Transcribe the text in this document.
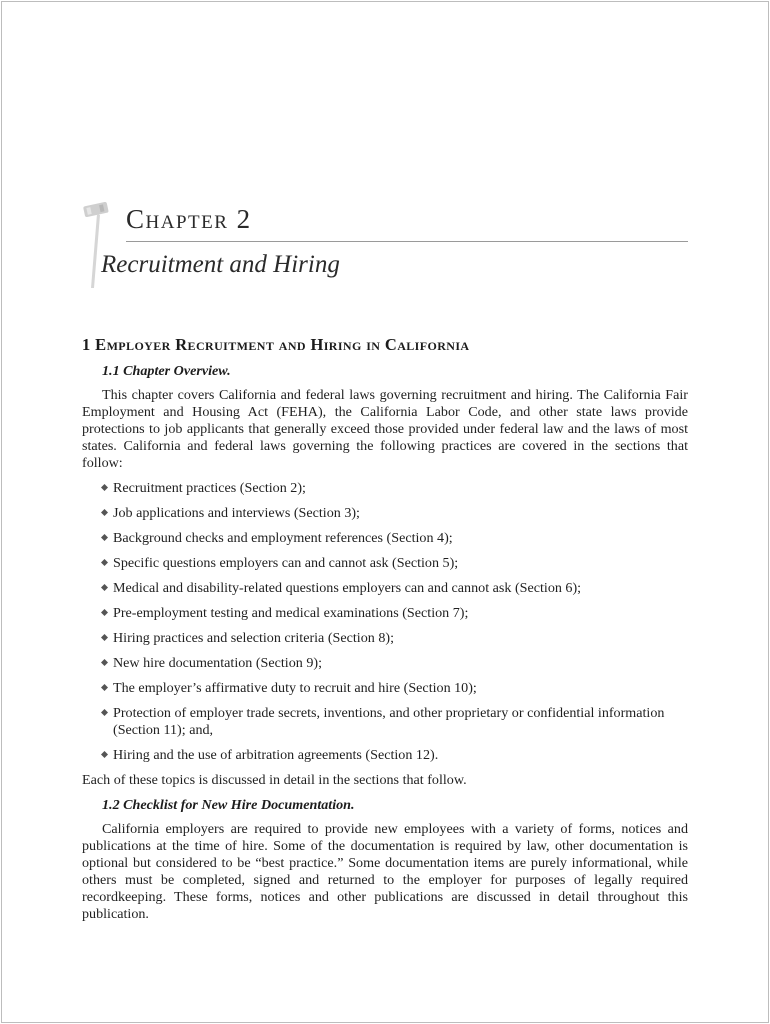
Chapter 2
Recruitment and Hiring
1 Employer Recruitment and Hiring in California
1.1 Chapter Overview.

This chapter covers California and federal laws governing recruitment and hiring. The California Fair Employment and Housing Act (FEHA), the California Labor Code, and other state laws provide protections to job applicants that generally exceed those provided under federal law and the laws of most states. California and federal laws governing the following practices are covered in the sections that follow:

Recruitment practices (Section 2);
Job applications and interviews (Section 3);
Background checks and employment references (Section 4);
Specific questions employers can and cannot ask (Section 5);
Medical and disability-related questions employers can and cannot ask (Section 6);
Pre-employment testing and medical examinations (Section 7);
Hiring practices and selection criteria (Section 8);
New hire documentation (Section 9);
The employer’s affirmative duty to recruit and hire (Section 10);
Protection of employer trade secrets, inventions, and other proprietary or confidential information (Section 11); and,
Hiring and the use of arbitration agreements (Section 12).

Each of these topics is discussed in detail in the sections that follow.

1.2 Checklist for New Hire Documentation.

California employers are required to provide new employees with a variety of forms, notices and publications at the time of hire. Some of the documentation is required by law, other documentation is optional but considered to be “best practice.” Some documentation items are purely informational, while others must be completed, signed and returned to the employer for purposes of legally required recordkeeping. These forms, notices and other publications are discussed in detail throughout this publication.
